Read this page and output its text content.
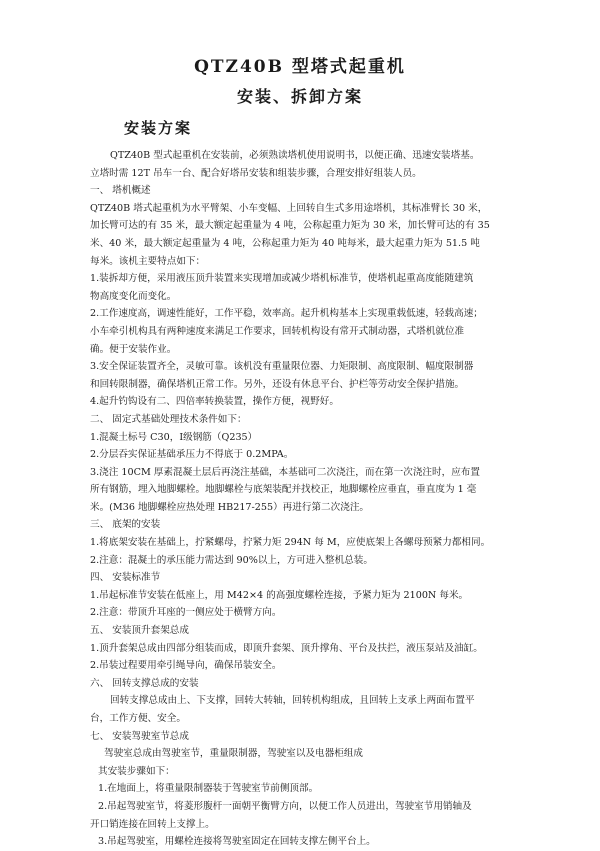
QTZ40B 型塔式起重机
安装、拆卸方案
安装方案
QTZ40B 型式起重机在安装前，必须熟读塔机使用说明书，以便正确、迅速安装塔基。
立塔时需 12T 吊车一台、配合好塔吊安装和组装步骤，合理安排好组装人员。
一、 塔机概述
QTZ40B 塔式起重机为水平臂架、小车变幅、上回转自生式多用途塔机，其标准臂长 30 米，
加长臂可达的有 35 米，最大额定起重量为 4 吨，公称起重力矩为 30 米，加长臂可达的有 35
米、40 米，最大额定起重量为 4 吨，公称起重力矩为 40 吨每米，最大起重力矩为 51.5 吨
每米。该机主要特点如下：
1.装拆却方便，采用液压顶升装置来实现增加或减少塔机标准节，使塔机起重高度能随建筑
物高度变化而变化。
2.工作速度高，调速性能好，工作平稳，效率高。起升机构基本上实现重载低速，轻载高速；
小车牵引机构具有两种速度来满足工作要求，回转机构设有常开式制动器，式塔机就位准
确。便于安装作业。
3.安全保证装置齐全，灵敏可靠。该机没有重量限位器、力矩限制、高度限制、幅度限制器
和回转限制器，确保塔机正常工作。另外，还设有休息平台、护栏等劳动安全保护措施。
4.起升钓钩设有二、四倍率转换装置，操作方便，视野好。
二、 固定式基础处理技术条件如下：
1.混凝土标号 C30，Ⅰ级钢筋（Q235）
2.分层吞实保证基础承压力不得底于 0.2MPA。
3.浇注 10CM 厚素混凝土层后再浇注基础，本基础可二次浇注，而在第一次浇注时，应布置
所有钢筋，埋入地脚螺栓。地脚螺栓与底架装配并找校正，地脚螺栓应垂直，垂直度为 1 毫
米。(M36 地脚螺栓应热处理 HB217-255）再进行第二次浇注。
三、 底架的安装
1.将底架安装在基础上，拧紧螺母，拧紧力矩 294N 每 M，应使底架上各螺母预紧力都相同。
2.注意：混凝土的承压能力需达到 90%以上，方可进入整机总装。
四、 安装标准节
1.吊起标准节安装在低座上，用 M42×4 的高强度螺栓连接，予紧力矩为 2100N 每米。
2.注意：带顶升耳座的一侧应处于横臂方向。
五、 安装顶升套架总成
1.顶升套架总成由四部分组装而成，即顶升套架、顶升撑角、平台及扶拦，液压泵站及油缸。
2.吊装过程要用牵引绳导向，确保吊装安全。
六、 回转支撑总成的安装
回转支撑总成由上、下支撑，回转大转轴，回转机构组成，且回转上支承上两面布置平
台，工作方便、安全。
七、 安装驾驶室节总成
驾驶室总成由驾驶室节，重量限制器，驾驶室以及电器柜组成
其安装步骤如下：
1.在地面上，将重量限制器装于驾驶室节前侧顶部。
2.吊起驾驶室节，将菱形腹杆一面朝平衡臂方向，以便工作人员进出，驾驶室节用销轴及
开口销连接在回转上支撑上。
3.吊起驾驶室，用螺栓连接将驾驶室固定在回转支撑左侧平台上。
